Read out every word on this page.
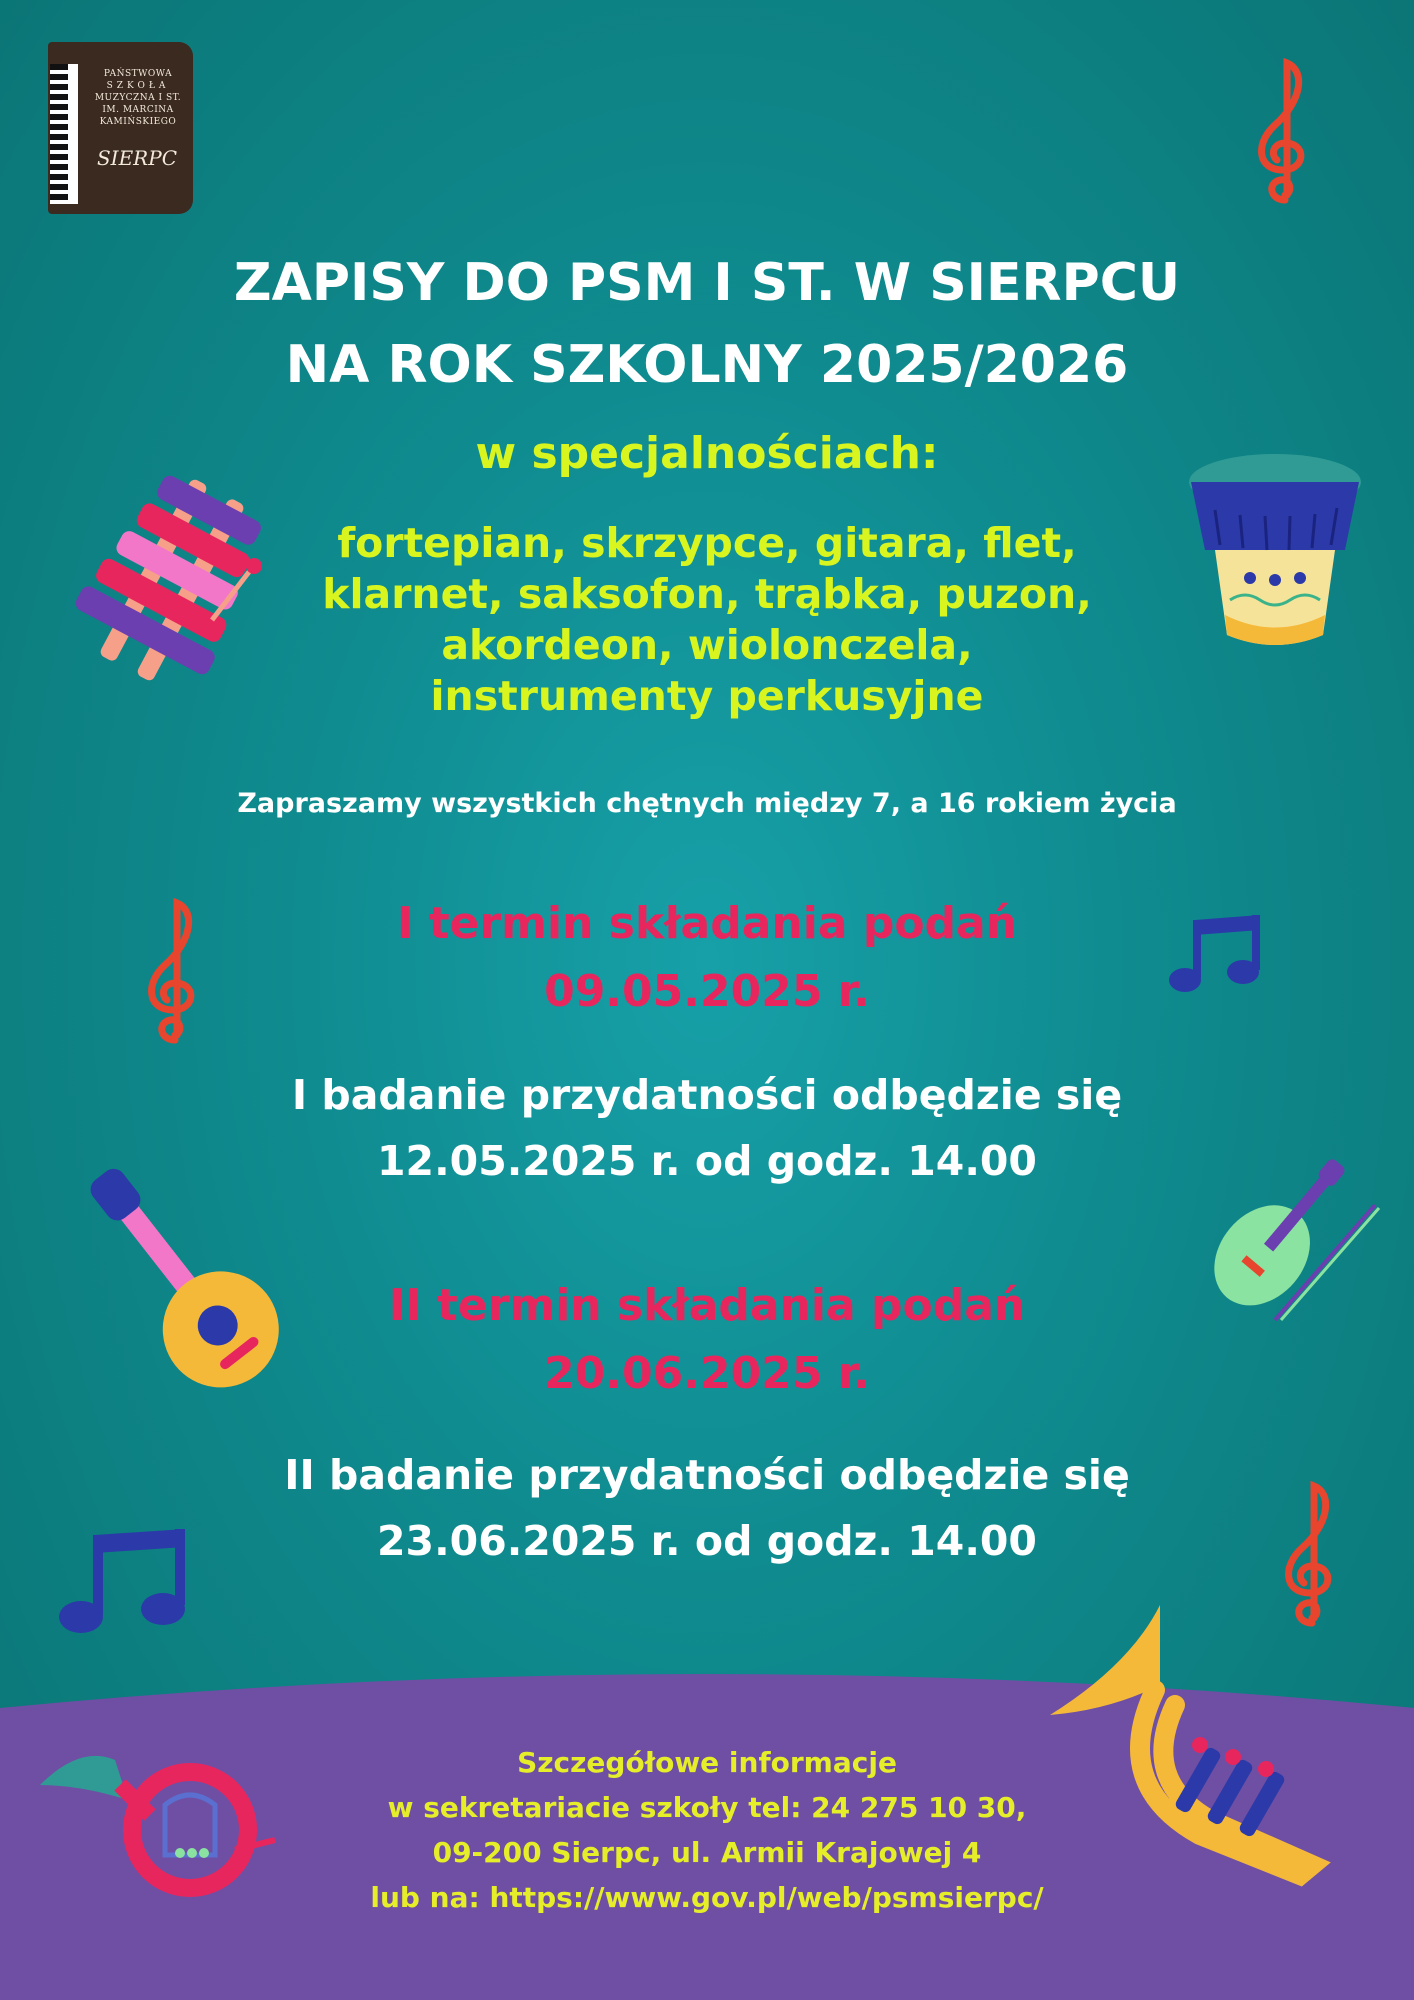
PAŃSTWOWA
SZKOŁA
MUZYCZNA I ST.
IM. MARCINA
KAMIŃSKIEGO
SIERPC
ZAPISY DO PSM I ST. W SIERPCU
NA ROK SZKOLNY 2025/2026
w specjalnościach:
fortepian, skrzypce, gitara, flet,
klarnet, saksofon, trąbka, puzon,
akordeon, wiolonczela,
instrumenty perkusyjne
Zapraszamy wszystkich chętnych między 7, a 16 rokiem życia
I termin składania podań
09.05.2025 r.
I badanie przydatności odbędzie się
12.05.2025 r. od godz. 14.00
II termin składania podań
20.06.2025 r.
II badanie przydatności odbędzie się
23.06.2025 r. od godz. 14.00
Szczegółowe informacje
w sekretariacie szkoły tel: 24 275 10 30,
09-200 Sierpc, ul. Armii Krajowej 4
lub na: https://www.gov.pl/web/psmsierpc/
